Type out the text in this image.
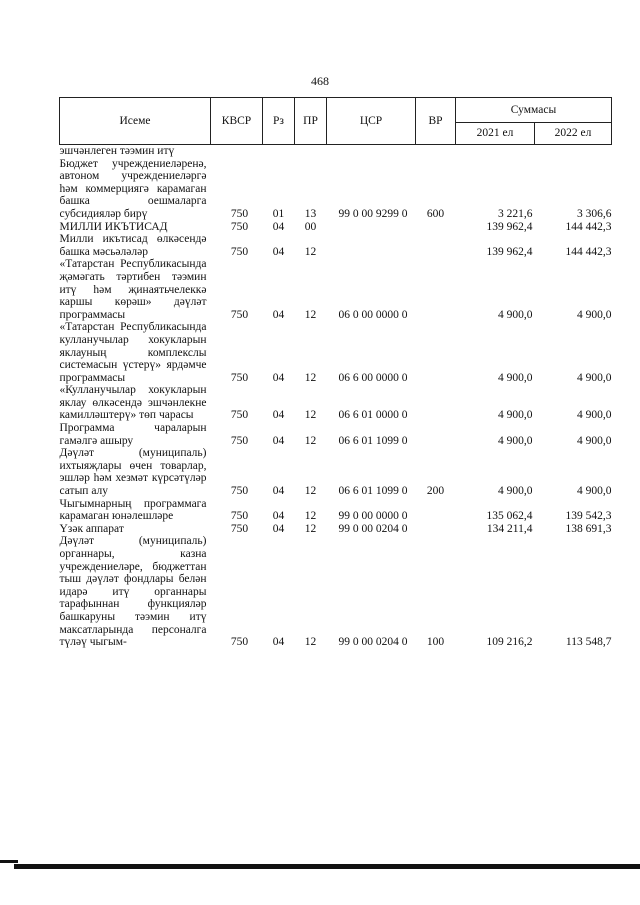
468
Исеме	КВСР	Рз	ПР	ЦСР	ВР	Суммасы	
						2021 ел	2022 ел
эшчәнлеген тәэмин итү							
Бюджет учреждениеләренә, автоном учреждениеләргә һәм коммерциягә карамаган башка оешмаларга субсидияләр бирү	750	01	13	99 0 00 9299 0	600	3 221,6	3 306,6
МИЛЛИ ИКЪТИСАД	750	04	00			139 962,4	144 442,3
Милли икътисад өлкәсендә башка мәсьәләләр	750	04	12			139 962,4	144 442,3
«Татарстан Республикасында җәмәгать тәртибен тәэмин итү һәм җинаятьчелеккә каршы көрәш» дәүләт программасы	750	04	12	06 0 00 0000 0		4 900,0	4 900,0
«Татарстан Республикасында кулланучылар хокукларын яклауның комплекслы системасын үстерү» ярдәмче программасы	750	04	12	06 6 00 0000 0		4 900,0	4 900,0
«Кулланучылар хокукларын яклау өлкәсендә эшчәнлекне камилләштерү» төп чарасы	750	04	12	06 6 01 0000 0		4 900,0	4 900,0
Программа чараларын гамәлгә ашыру	750	04	12	06 6 01 1099 0		4 900,0	4 900,0
Дәүләт (муниципаль) ихтыяҗлары өчен товарлар, эшләр һәм хезмәт күрсәтүләр сатып алу	750	04	12	06 6 01 1099 0	200	4 900,0	4 900,0
Чыгымнарның программага карамаган юнәлешләре	750	04	12	99 0 00 0000 0		135 062,4	139 542,3
Үзәк аппарат	750	04	12	99 0 00 0204 0		134 211,4	138 691,3
Дәүләт (муниципаль) органнары, казна учреждениеләре, бюджеттан тыш дәүләт фондлары белән идарә итү органнары тарафыннан функцияләр башкаруны тәэмин итү максатларында персоналга түләү чыгым-	750	04	12	99 0 00 0204 0	100	109 216,2	113 548,7
